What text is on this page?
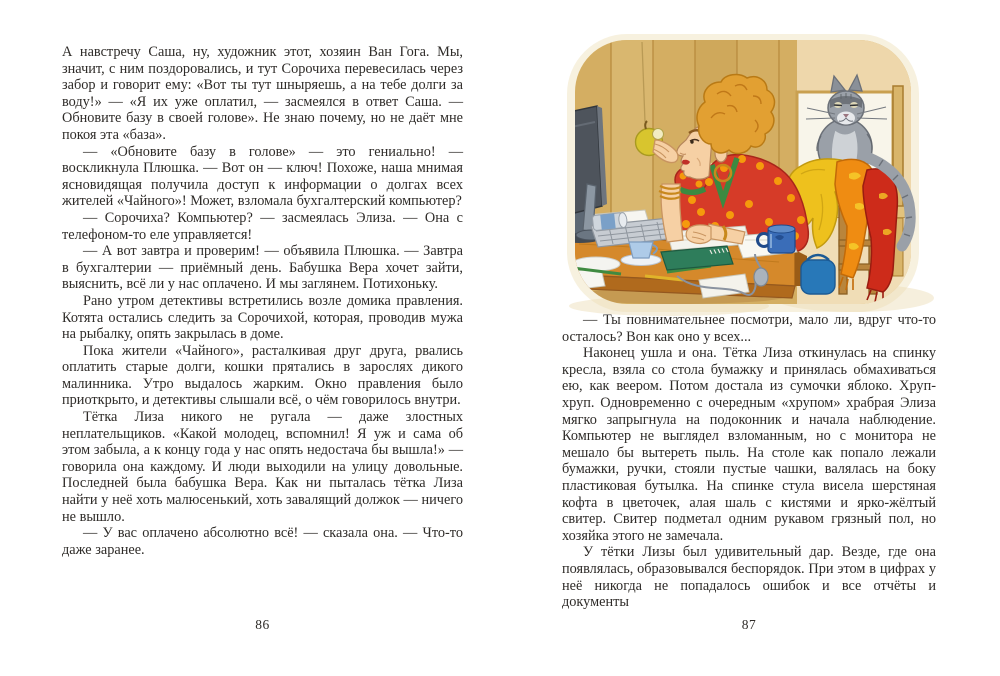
А навстречу Саша, ну, художник этот, хозяин Ван Гога. Мы, значит, с ним поздоровались, и тут Сорочиха перевесилась через забор и говорит ему: «Вот ты тут шныряешь, а на тебе долги за воду!» — «Я их уже оплатил, — засмеялся в ответ Саша. — Обновите базу в своей голове». Не знаю почему, но не даёт мне покоя эта «база».

— «Обновите базу в голове» — это гениально! — воскликнула Плюшка. — Вот он — ключ! Похоже, наша мнимая ясновидящая получила доступ к информации о долгах всех жителей «Чайного»! Может, взломала бухгалтерский компьютер?

— Сорочиха? Компьютер? — засмеялась Элиза. — Она с телефоном-то еле управляется!

— А вот завтра и проверим! — объявила Плюшка. — Завтра в бухгалтерии — приёмный день. Бабушка Вера хочет зайти, выяснить, всё ли у нас оплачено. И мы заглянем. Потихоньку.

Рано утром детективы встретились возле домика правления. Котята остались следить за Сорочихой, которая, проводив мужа на рыбалку, опять закрылась в доме.

Пока жители «Чайного», расталкивая друг друга, рвались оплатить старые долги, кошки прятались в зарослях дикого малинника. Утро выдалось жарким. Окно правления было приоткрыто, и детективы слышали всё, о чём говорилось внутри.

Тётка Лиза никого не ругала — даже злостных неплательщиков. «Какой молодец, вспомнил! Я уж и сама об этом забыла, а к концу года у нас опять недостача бы вышла!» — говорила она каждому. И люди выходили на улицу довольные. Последней была бабушка Вера. Как ни пыталась тётка Лиза найти у неё хоть малюсенький, хоть завалящий должок — ничего не вышло.

— У вас оплачено абсолютно всё! — сказала она. — Что-то даже заранее.

86

— Ты повнимательнее посмотри, мало ли, вдруг что-то осталось? Вон как оно у всех...

Наконец ушла и она. Тётка Лиза откинулась на спинку кресла, взяла со стола бумажку и принялась обмахиваться ею, как веером. Потом достала из сумочки яблоко. Хруп-хруп. Одновременно с очередным «хрупом» храбрая Элиза мягко запрыгнула на подоконник и начала наблюдение. Компьютер не выглядел взломанным, но с монитора не мешало бы вытереть пыль. На столе как попало лежали бумажки, ручки, стояли пустые чашки, валялась на боку пластиковая бутылка. На спинке стула висела шерстяная кофта в цветочек, алая шаль с кистями и ярко-жёлтый свитер. Свитер подметал одним рукавом грязный пол, но хозяйка этого не замечала.

У тётки Лизы был удивительный дар. Везде, где она появлялась, образовывался беспорядок. При этом в цифрах у неё никогда не попадалось ошибок и все отчёты и документы

87
